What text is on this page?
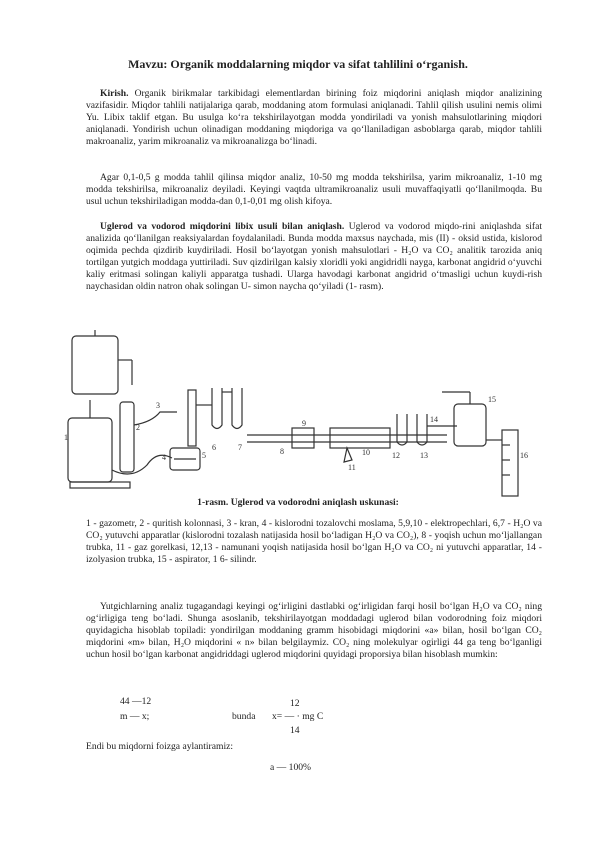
Mavzu: Organik moddalarning miqdor va sifat tahlilini o‘rganish.

Kirish. Organik birikmalar tarkibidagi elementlardan birining foiz miqdorini aniqlash miqdor analizining vazifasidir. Miqdor tahlili natijalariga qarab, moddaning atom formulasi aniqlanadi. Tahlil qilish usulini nemis olimi Yu. Libix taklif etgan. Bu usulga ko‘ra tekshirilayotgan modda yondiriladi va yonish mahsulotlarining miqdori aniqlanadi. Yondirish uchun olinadigan moddaning miqdoriga va qo‘llaniladigan asboblarga qarab, miqdor tahlili makroanaliz, yarim mikroanaliz va mikroanalizga bo‘linadi.

Agar 0,1-0,5 g modda tahlil qilinsa miqdor analiz, 10-50 mg modda tekshirilsa, yarim mikroanaliz, 1-10 mg modda tekshirilsa, mikroanaliz deyiladi. Keyingi vaqtda ultramikroanaliz usuli muvaffaqiyatli qo‘llanilmoqda. Bu usul uchun tekshiriladigan modda-dan 0,1-0,01 mg olish kifoya.

Uglerod va vodorod miqdorini libix usuli bilan aniqlash. Uglerod va vodorod miqdo-rini aniqlashda sifat analizida qo‘llanilgan reaksiyalardan foydalaniladi. Bunda modda maxsus naychada, mis (II) - oksid ustida, kislorod oqimida pechda qizdirib kuydiriladi. Hosil bo‘layotgan yonish mahsulotlari - H₂O va CO₂ analitik tarozida aniq tortilgan yutgich moddaga yuttiriladi. Suv qizdirilgan kalsiy xloridli yoki angidridli nayga, karbonat angidrid o‘yuvchi kaliy eritmasi solingan kaliyli apparatga tushadi. Ularga havodagi karbonat angidrid o‘tmasligi uchun kuydi-rish naychasidan oldin natron ohak solingan U- simon naycha qo‘yiladi (1- rasm).

1
2
3
4	5
6	7	8
9
10
11
12	13
14
15
16
1-rasm. Uglerod va vodorodni aniqlash uskunasi:

1 - gazometr, 2 - quritish kolonnasi, 3 - kran, 4 - kislorodni tozalovchi moslama, 5,9,10 - elektropechlari, 6,7 - H₂O va CO₂ yutuvchi apparatlar (kislorodni tozalash natijasida hosil bo‘ladigan H₂O va CO₂), 8 - yoqish uchun mo‘ljallangan trubka, 11 - gaz gorelkasi, 12,13 - namunani yoqish natijasida hosil bo‘lgan H₂O va CO₂ ni yutuvchi apparatlar, 14 - izolyasion trubka, 15 - aspirator, 1 6- silindr.

Yutgichlarning analiz tugagandagi keyingi og‘irligini dastlabki og‘irligidan farqi hosil bo‘lgan H₂O va CO₂ ning og‘irligiga teng bo‘ladi. Shunga asoslanib, tekshirilayotgan moddadagi uglerod bilan vodorodning foiz miqdori quyidagicha hisoblab topiladi: yondirilgan moddaning gramm hisobidagi miqdorini «a» bilan, hosil bo‘lgan CO₂ miqdorini «m» bilan, H₂O miqdorini « n» bilan belgilaymiz. CO₂ ning molekulyar ogirligi 44 ga teng bo‘lganligi uchun hosil bo‘lgan karbonat angidriddagi uglerod miqdorini quyidagi proporsiya bilan hisoblash mumkin:

44 —12
m — x;
12
bunda x= — · mg C
14

Endi bu miqdorni foizga aylantiramiz:

a — 100%
